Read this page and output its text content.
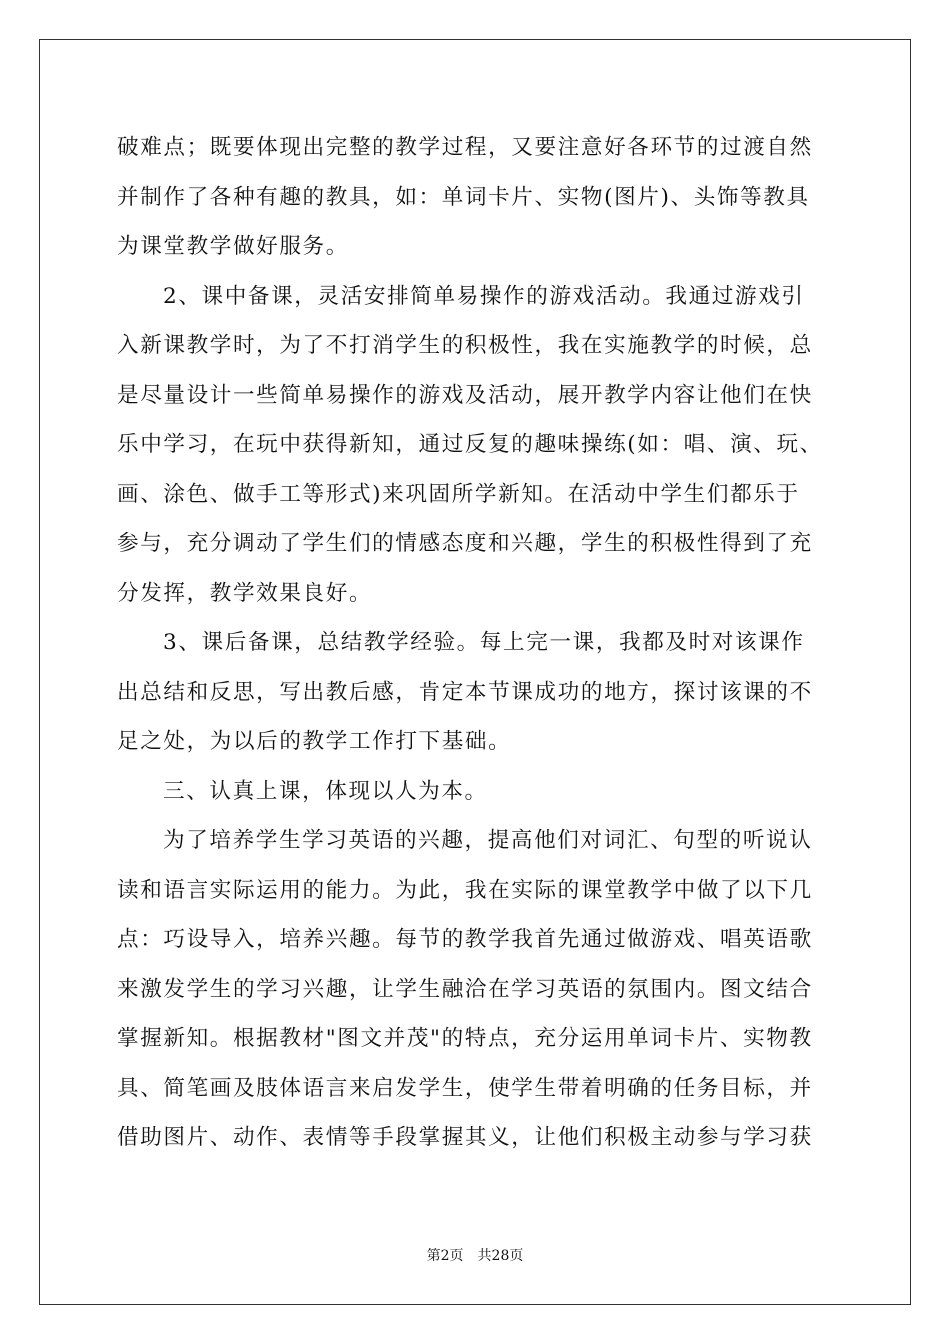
破难点；既要体现出完整的教学过程，又要注意好各环节的过渡自然
并制作了各种有趣的教具，如：单词卡片、实物(图片)、头饰等教具
为课堂教学做好服务。
2、课中备课，灵活安排简单易操作的游戏活动。我通过游戏引
入新课教学时，为了不打消学生的积极性，我在实施教学的时候，总
是尽量设计一些简单易操作的游戏及活动，展开教学内容让他们在快
乐中学习，在玩中获得新知，通过反复的趣味操练(如：唱、演、玩、
画、涂色、做手工等形式)来巩固所学新知。在活动中学生们都乐于
参与，充分调动了学生们的情感态度和兴趣，学生的积极性得到了充
分发挥，教学效果良好。
3、课后备课，总结教学经验。每上完一课，我都及时对该课作
出总结和反思，写出教后感，肯定本节课成功的地方，探讨该课的不
足之处，为以后的教学工作打下基础。
三、认真上课，体现以人为本。
为了培养学生学习英语的兴趣，提高他们对词汇、句型的听说认
读和语言实际运用的能力。为此，我在实际的课堂教学中做了以下几
点：巧设导入，培养兴趣。每节的教学我首先通过做游戏、唱英语歌
来激发学生的学习兴趣，让学生融洽在学习英语的氛围内。图文结合
掌握新知。根据教材"图文并茂"的特点，充分运用单词卡片、实物教
具、简笔画及肢体语言来启发学生，使学生带着明确的任务目标，并
借助图片、动作、表情等手段掌握其义，让他们积极主动参与学习获
第2页 共28页
